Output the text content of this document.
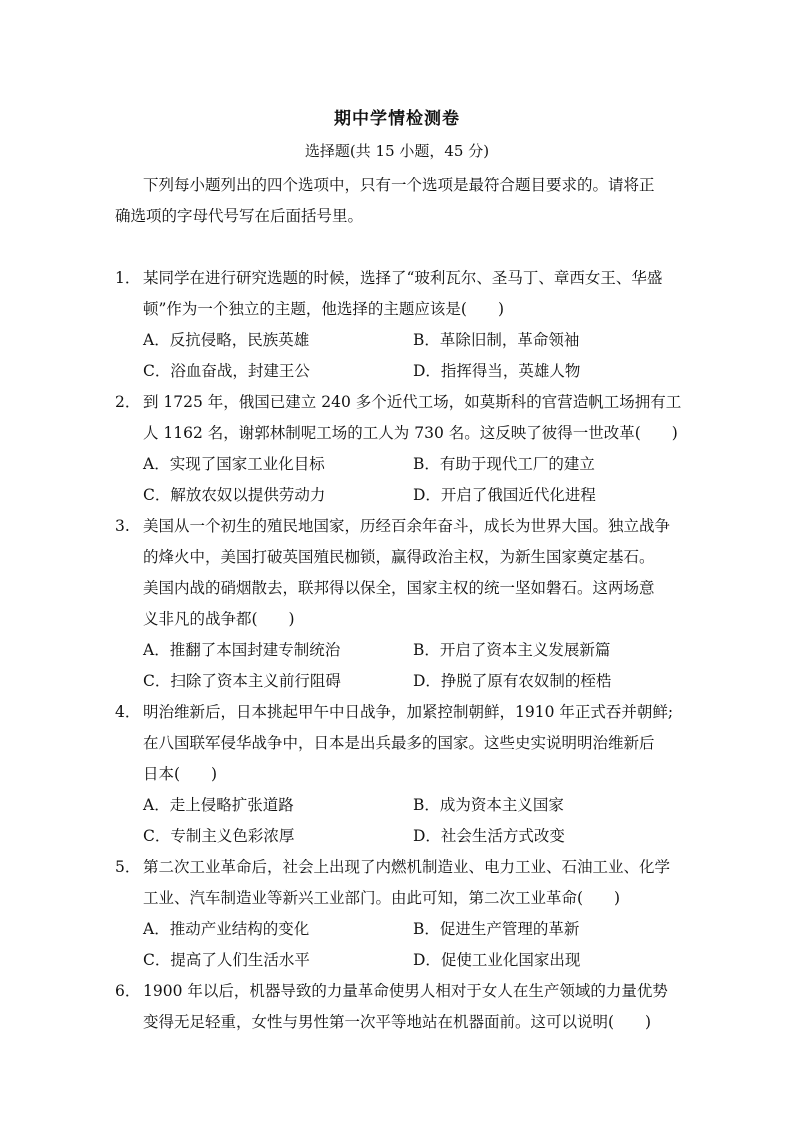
期中学情检测卷
选择题(共 15 小题，45 分)
下列每小题列出的四个选项中，只有一个选项是最符合题目要求的。请将正
确选项的字母代号写在后面括号里。
1． 某同学在进行研究选题的时候，选择了“玻利瓦尔、圣马丁、章西女王、华盛
顿”作为一个独立的主题，他选择的主题应该是(　　)
A．反抗侵略，民族英雄	B．革除旧制，革命领袖
C．浴血奋战，封建王公	D．指挥得当，英雄人物
2． 到 1725 年，俄国已建立 240 多个近代工场，如莫斯科的官营造帆工场拥有工
人 1162 名，谢郭林制呢工场的工人为 730 名。这反映了彼得一世改革(　　)
A．实现了国家工业化目标	B．有助于现代工厂的建立
C．解放农奴以提供劳动力	D．开启了俄国近代化进程
3. 美国从一个初生的殖民地国家，历经百余年奋斗，成长为世界大国。独立战争
的烽火中，美国打破英国殖民枷锁，赢得政治主权，为新生国家奠定基石。
美国内战的硝烟散去，联邦得以保全，国家主权的统一坚如磐石。这两场意
义非凡的战争都(　　)
A．推翻了本国封建专制统治	B．开启了资本主义发展新篇
C．扫除了资本主义前行阻碍	D．挣脱了原有农奴制的桎梏
4． 明治维新后，日本挑起甲午中日战争，加紧控制朝鲜，1910 年正式吞并朝鲜;
在八国联军侵华战争中，日本是出兵最多的国家。这些史实说明明治维新后
日本(　　)
A．走上侵略扩张道路	B．成为资本主义国家
C．专制主义色彩浓厚	D．社会生活方式改变
5． 第二次工业革命后，社会上出现了内燃机制造业、电力工业、石油工业、化学
工业、汽车制造业等新兴工业部门。由此可知，第二次工业革命(　　)
A．推动产业结构的变化	B．促进生产管理的革新
C．提高了人们生活水平	D．促使工业化国家出现
6． 1900 年以后，机器导致的力量革命使男人相对于女人在生产领域的力量优势
变得无足轻重，女性与男性第一次平等地站在机器面前。这可以说明(　　)
